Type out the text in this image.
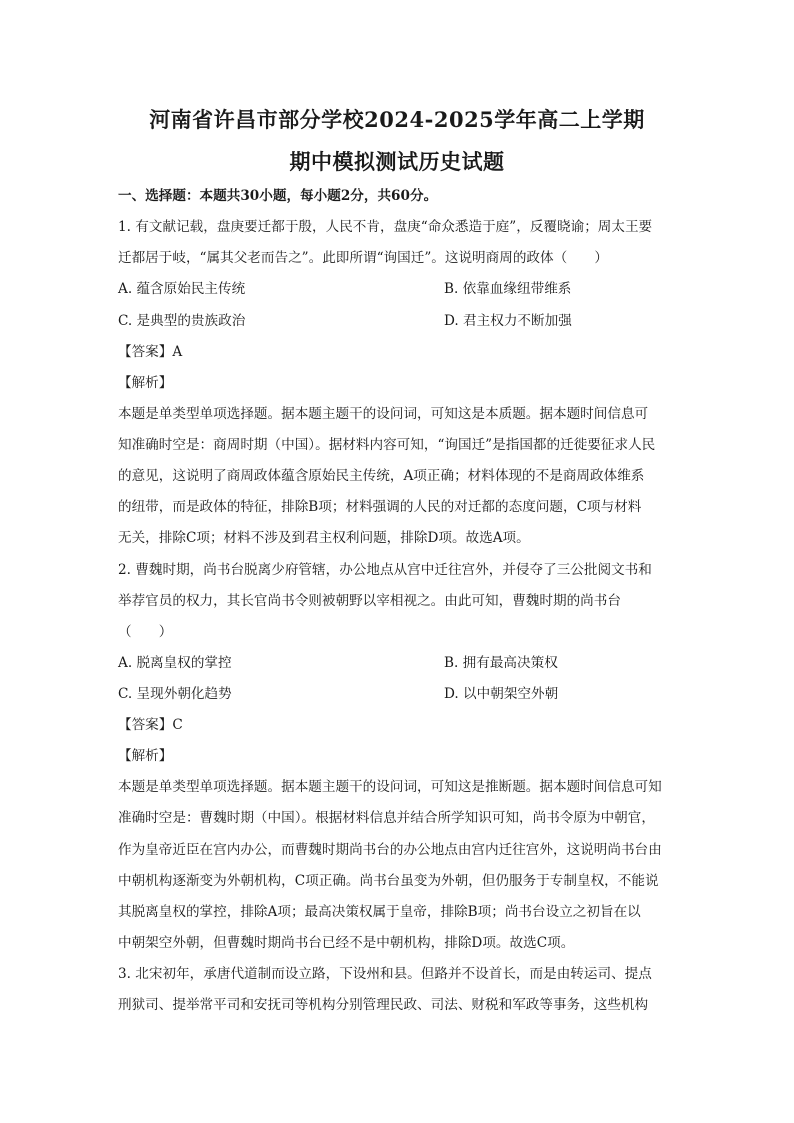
河南省许昌市部分学校2024-2025学年高二上学期
期中模拟测试历史试题
一、选择题：本题共30小题，每小题2分，共60分。
1. 有文献记载，盘庚要迁都于殷，人民不肯，盘庚“命众悉造于庭”，反覆晓谕；周太王要
迁都居于岐，“属其父老而告之”。此即所谓“询国迁”。这说明商周的政体（　　）
A. 蕴含原始民主传统	B. 依靠血缘纽带维系
C. 是典型的贵族政治	D. 君主权力不断加强
【答案】A
【解析】
本题是单类型单项选择题。据本题主题干的设问词，可知这是本质题。据本题时间信息可
知准确时空是：商周时期（中国）。据材料内容可知，“询国迁”是指国都的迁徙要征求人民
的意见，这说明了商周政体蕴含原始民主传统，A项正确；材料体现的不是商周政体维系
的纽带，而是政体的特征，排除B项；材料强调的人民的对迁都的态度问题，C项与材料
无关，排除C项；材料不涉及到君主权利问题，排除D项。故选A项。
2. 曹魏时期，尚书台脱离少府管辖，办公地点从宫中迁往宫外，并侵夺了三公批阅文书和
举荐官员的权力，其长官尚书令则被朝野以宰相视之。由此可知，曹魏时期的尚书台
（　　）
A. 脱离皇权的掌控	B. 拥有最高决策权
C. 呈现外朝化趋势	D. 以中朝架空外朝
【答案】C
【解析】
本题是单类型单项选择题。据本题主题干的设问词，可知这是推断题。据本题时间信息可知
准确时空是：曹魏时期（中国）。根据材料信息并结合所学知识可知，尚书令原为中朝官，
作为皇帝近臣在宫内办公，而曹魏时期尚书台的办公地点由宫内迁往宫外，这说明尚书台由
中朝机构逐渐变为外朝机构，C项正确。尚书台虽变为外朝，但仍服务于专制皇权，不能说
其脱离皇权的掌控，排除A项；最高决策权属于皇帝，排除B项；尚书台设立之初旨在以
中朝架空外朝，但曹魏时期尚书台已经不是中朝机构，排除D项。故选C项。
3. 北宋初年，承唐代道制而设立路，下设州和县。但路并不设首长，而是由转运司、提点
刑狱司、提举常平司和安抚司等机构分别管理民政、司法、财税和军政等事务，这些机构
